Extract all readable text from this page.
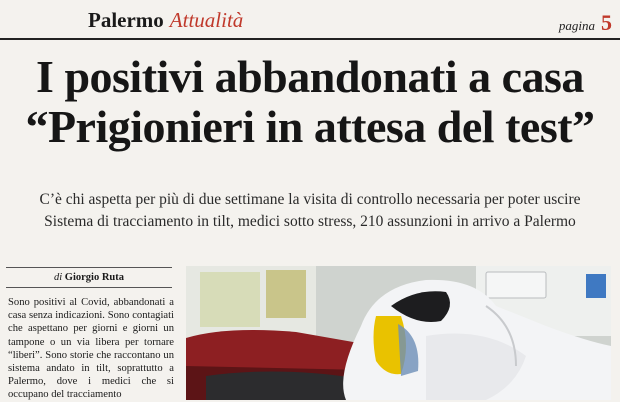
Palermo Attualità	pagina 5
I positivi abbandonati a casa
“Prigionieri in attesa del test”
C’è chi aspetta per più di due settimane la visita di controllo necessaria per poter uscire
Sistema di tracciamento in tilt, medici sotto stress, 210 assunzioni in arrivo a Palermo
di Giorgio Ruta
Sono positivi al Covid, abbandonati a casa senza indicazioni. Sono contagiati che aspettano per giorni e giorni un tampone o un via libera per tornare “liberi”. Sono storie che raccontano un sistema andato in tilt, soprattutto a Palermo, dove i medici che si occupano del tracciamento
